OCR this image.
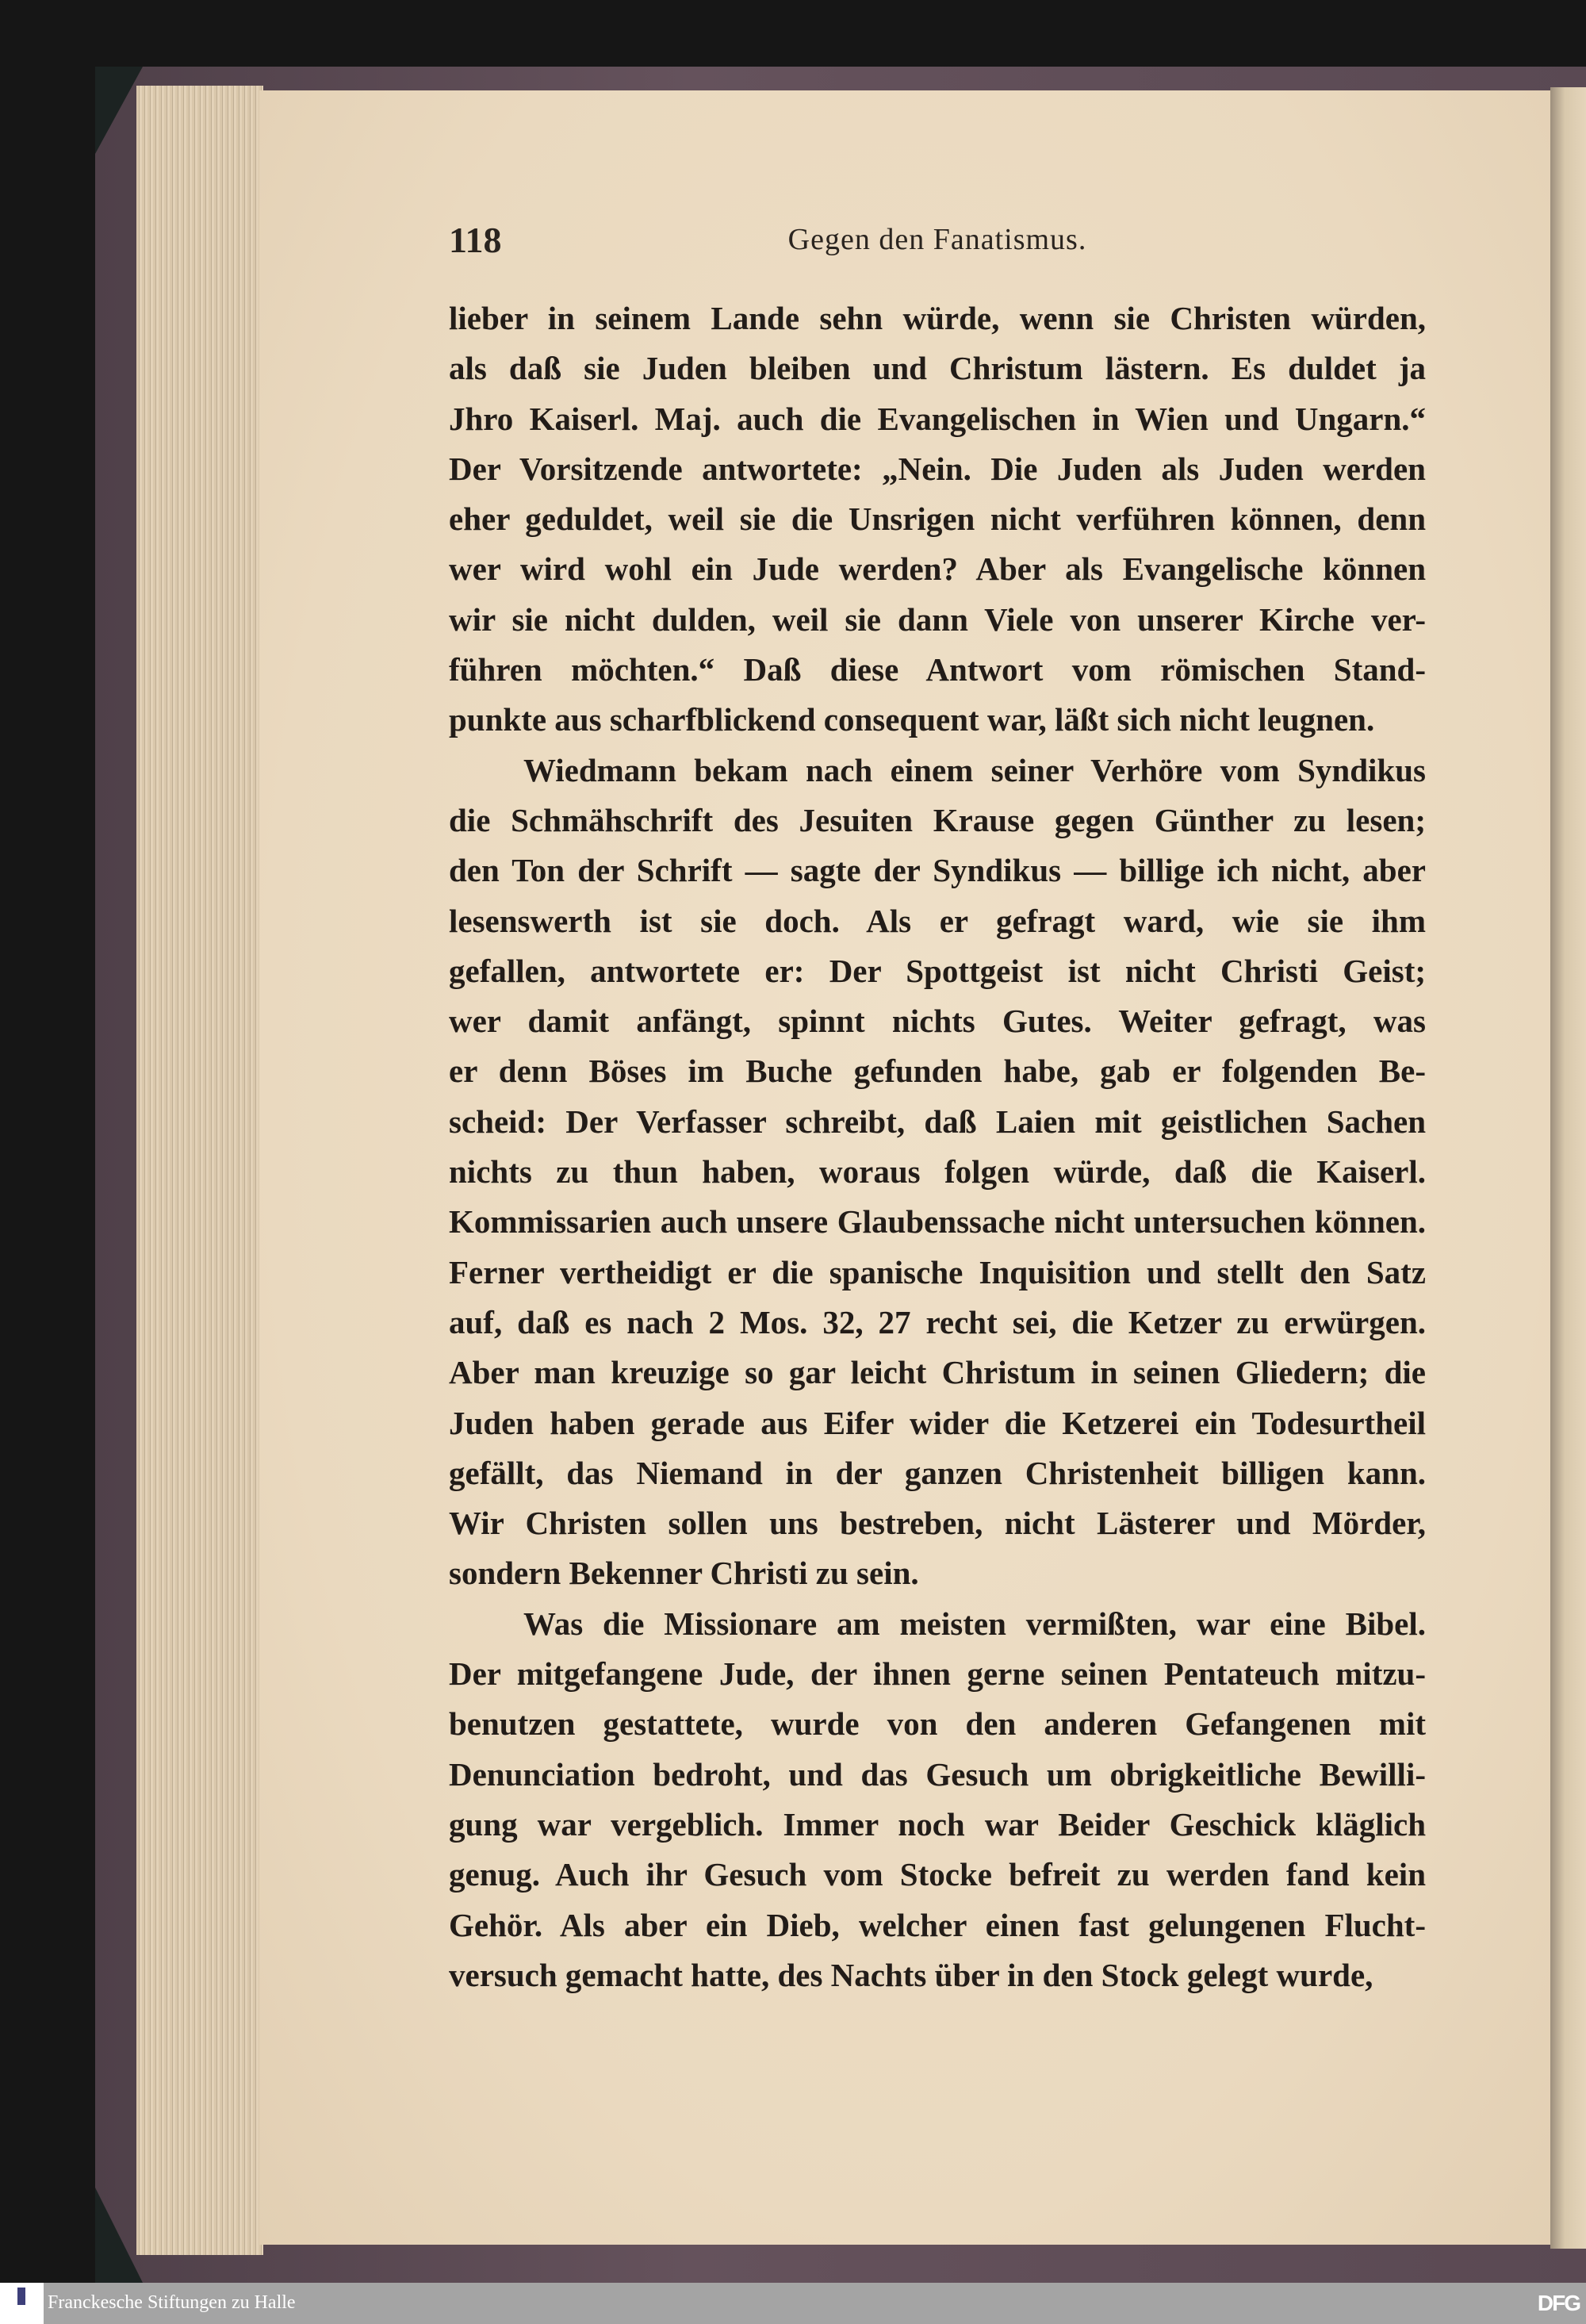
118	Gegen den Fanatismus.
lieber in seinem Lande sehn würde, wenn sie Christen würden,
als daß sie Juden bleiben und Christum lästern. Es duldet ja
Jhro Kaiserl. Maj. auch die Evangelischen in Wien und Ungarn.“
Der Vorsitzende antwortete: „Nein. Die Juden als Juden werden
eher geduldet, weil sie die Unsrigen nicht verführen können, denn
wer wird wohl ein Jude werden? Aber als Evangelische können
wir sie nicht dulden, weil sie dann Viele von unserer Kirche ver-
führen möchten.“ Daß diese Antwort vom römischen Stand-
punkte aus scharfblickend consequent war, läßt sich nicht leugnen.
Wiedmann bekam nach einem seiner Verhöre vom Syndikus
die Schmähschrift des Jesuiten Krause gegen Günther zu lesen;
den Ton der Schrift — sagte der Syndikus — billige ich nicht, aber
lesenswerth ist sie doch. Als er gefragt ward, wie sie ihm
gefallen, antwortete er: Der Spottgeist ist nicht Christi Geist;
wer damit anfängt, spinnt nichts Gutes. Weiter gefragt, was
er denn Böses im Buche gefunden habe, gab er folgenden Be-
scheid: Der Verfasser schreibt, daß Laien mit geistlichen Sachen
nichts zu thun haben, woraus folgen würde, daß die Kaiserl.
Kommissarien auch unsere Glaubenssache nicht untersuchen können.
Ferner vertheidigt er die spanische Inquisition und stellt den Satz
auf, daß es nach 2 Mos. 32, 27 recht sei, die Ketzer zu erwürgen.
Aber man kreuzige so gar leicht Christum in seinen Gliedern; die
Juden haben gerade aus Eifer wider die Ketzerei ein Todesurtheil
gefällt, das Niemand in der ganzen Christenheit billigen kann.
Wir Christen sollen uns bestreben, nicht Lästerer und Mörder,
sondern Bekenner Christi zu sein.
Was die Missionare am meisten vermißten, war eine Bibel.
Der mitgefangene Jude, der ihnen gerne seinen Pentateuch mitzu-
benutzen gestattete, wurde von den anderen Gefangenen mit
Denunciation bedroht, und das Gesuch um obrigkeitliche Bewilli-
gung war vergeblich. Immer noch war Beider Geschick kläglich
genug. Auch ihr Gesuch vom Stocke befreit zu werden fand kein
Gehör. Als aber ein Dieb, welcher einen fast gelungenen Flucht-
versuch gemacht hatte, des Nachts über in den Stock gelegt wurde,
Franckesche Stiftungen zu Halle	DFG
